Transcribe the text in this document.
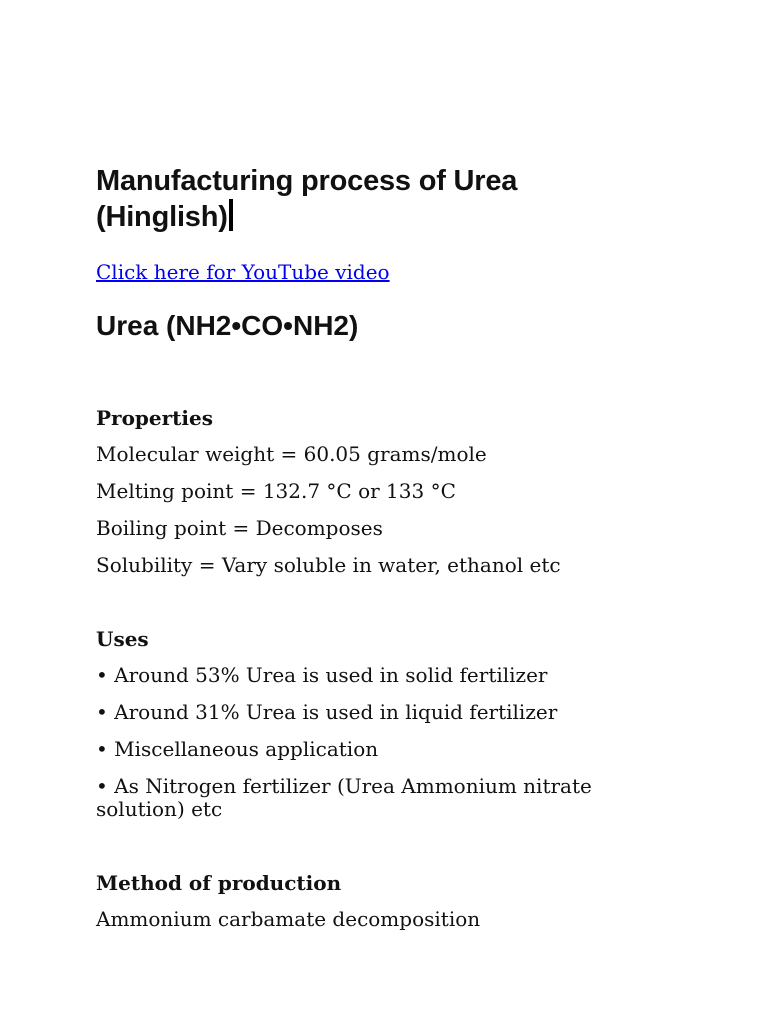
Manufacturing process of Urea (Hinglish)
Click here for YouTube video
Urea (NH2•CO•NH2)
Properties

Molecular weight = 60.05 grams/mole

Melting point = 132.7 °C or 133 °C

Boiling point = Decomposes

Solubility = Vary soluble in water, ethanol etc

Uses

• Around 53% Urea is used in solid fertilizer

• Around 31% Urea is used in liquid fertilizer

• Miscellaneous application

• As Nitrogen fertilizer (Urea Ammonium nitrate solution) etc

Method of production

Ammonium carbamate decomposition
